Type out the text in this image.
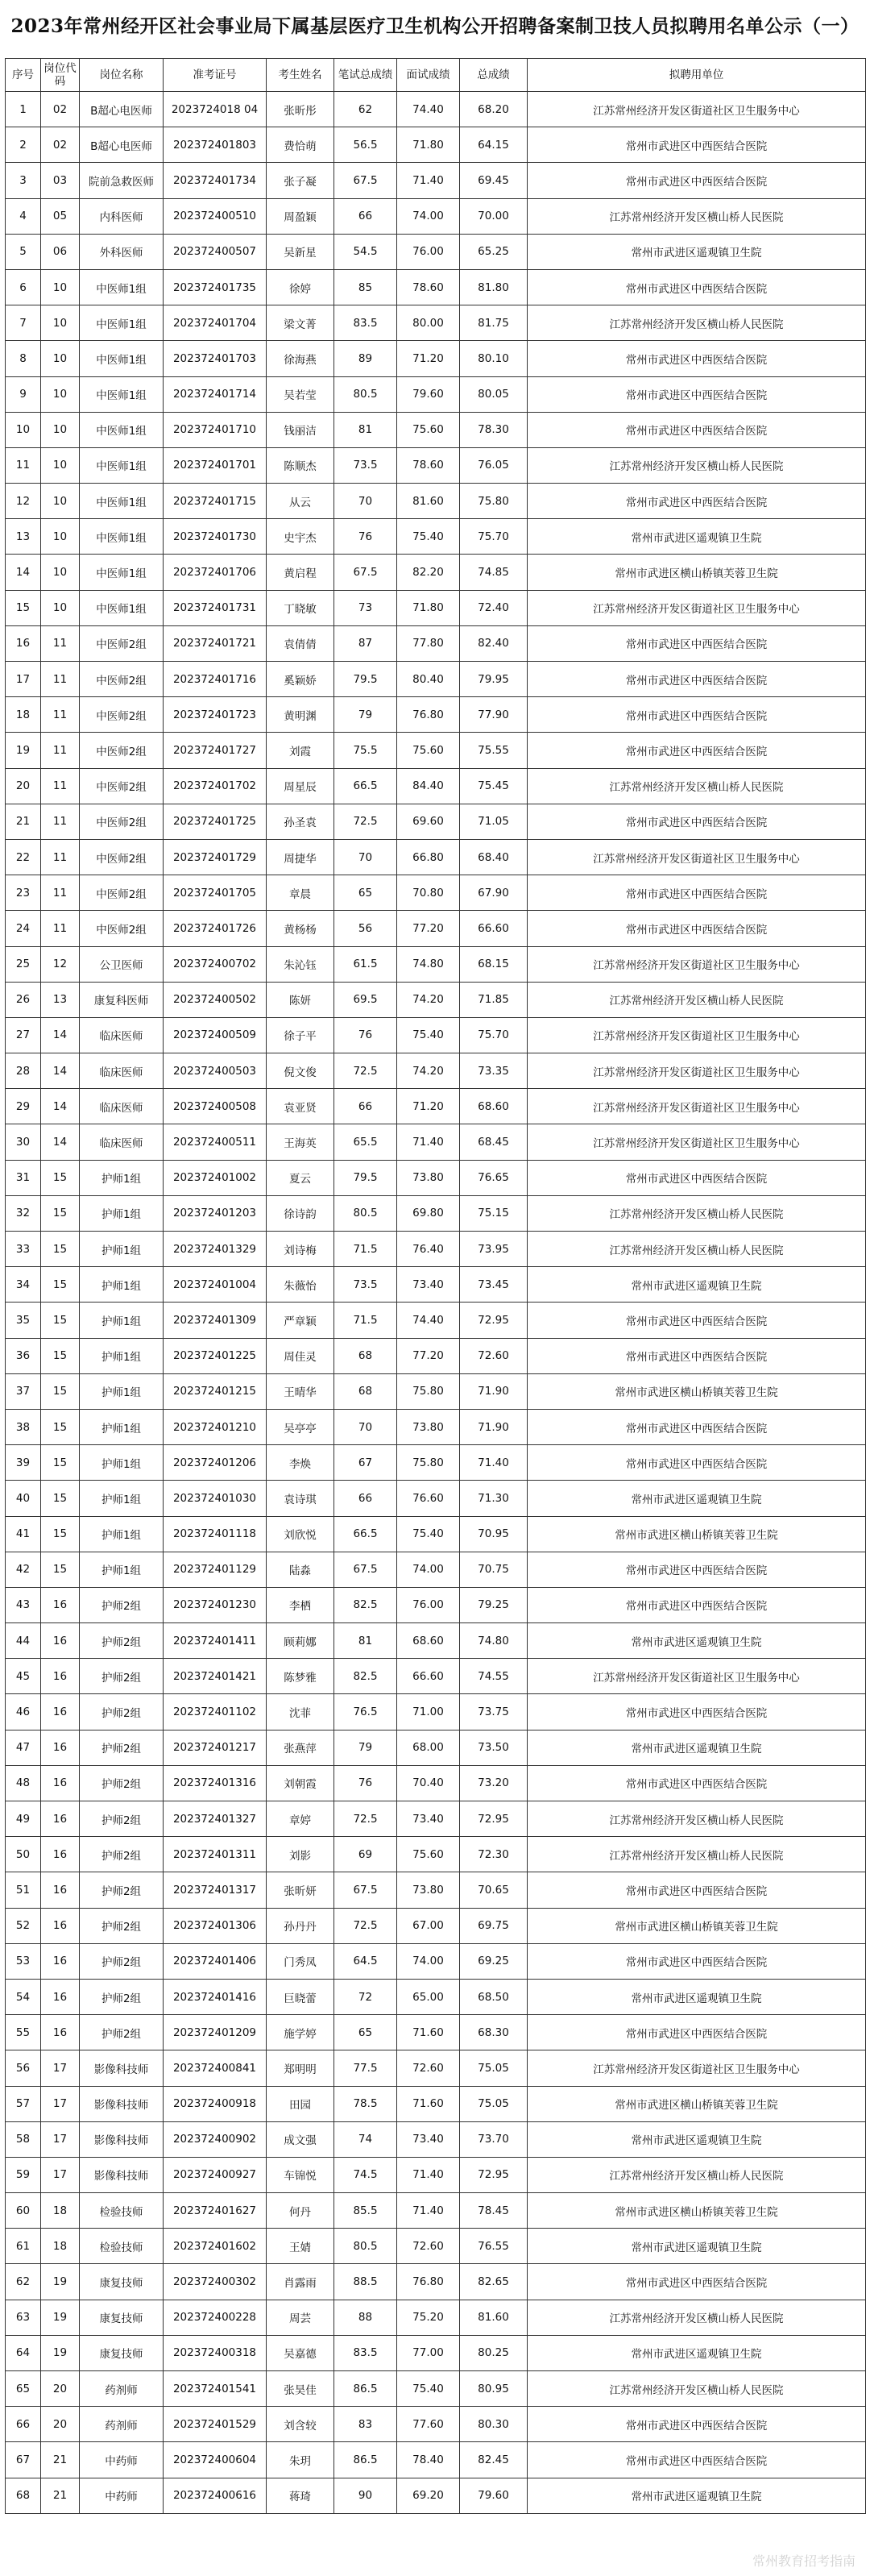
2023年常州经开区社会事业局下属基层医疗卫生机构公开招聘备案制卫技人员拟聘用名单公示（一）
序号	岗位代码	岗位名称	准考证号	考生姓名	笔试总成绩	面试成绩	总成绩	拟聘用单位
1	02	B超心电医师	2023724018 04	张昕彤	62	74.40	68.20	江苏常州经济开发区街道社区卫生服务中心
2	02	B超心电医师	202372401803	费恰萌	56.5	71.80	64.15	常州市武进区中西医结合医院
3	03	院前急救医师	202372401734	张子凝	67.5	71.40	69.45	常州市武进区中西医结合医院
4	05	内科医师	202372400510	周盈颖	66	74.00	70.00	江苏常州经济开发区横山桥人民医院
5	06	外科医师	202372400507	吴新星	54.5	76.00	65.25	常州市武进区遥观镇卫生院
6	10	中医师1组	202372401735	徐婷	85	78.60	81.80	常州市武进区中西医结合医院
7	10	中医师1组	202372401704	梁文菁	83.5	80.00	81.75	江苏常州经济开发区横山桥人民医院
8	10	中医师1组	202372401703	徐海燕	89	71.20	80.10	常州市武进区中西医结合医院
9	10	中医师1组	202372401714	吴若莹	80.5	79.60	80.05	常州市武进区中西医结合医院
10	10	中医师1组	202372401710	钱丽洁	81	75.60	78.30	常州市武进区中西医结合医院
11	10	中医师1组	202372401701	陈顺杰	73.5	78.60	76.05	江苏常州经济开发区横山桥人民医院
12	10	中医师1组	202372401715	从云	70	81.60	75.80	常州市武进区中西医结合医院
13	10	中医师1组	202372401730	史宇杰	76	75.40	75.70	常州市武进区遥观镇卫生院
14	10	中医师1组	202372401706	黄启程	67.5	82.20	74.85	常州市武进区横山桥镇芙蓉卫生院
15	10	中医师1组	202372401731	丁晓敏	73	71.80	72.40	江苏常州经济开发区街道社区卫生服务中心
16	11	中医师2组	202372401721	袁倩倩	87	77.80	82.40	常州市武进区中西医结合医院
17	11	中医师2组	202372401716	奚颖娇	79.5	80.40	79.95	常州市武进区中西医结合医院
18	11	中医师2组	202372401723	黄明渊	79	76.80	77.90	常州市武进区中西医结合医院
19	11	中医师2组	202372401727	刘霞	75.5	75.60	75.55	常州市武进区中西医结合医院
20	11	中医师2组	202372401702	周星辰	66.5	84.40	75.45	江苏常州经济开发区横山桥人民医院
21	11	中医师2组	202372401725	孙圣袁	72.5	69.60	71.05	常州市武进区中西医结合医院
22	11	中医师2组	202372401729	周捷华	70	66.80	68.40	江苏常州经济开发区街道社区卫生服务中心
23	11	中医师2组	202372401705	章晨	65	70.80	67.90	常州市武进区中西医结合医院
24	11	中医师2组	202372401726	黄杨杨	56	77.20	66.60	常州市武进区中西医结合医院
25	12	公卫医师	202372400702	朱沁钰	61.5	74.80	68.15	江苏常州经济开发区街道社区卫生服务中心
26	13	康复科医师	202372400502	陈妍	69.5	74.20	71.85	江苏常州经济开发区横山桥人民医院
27	14	临床医师	202372400509	徐子平	76	75.40	75.70	江苏常州经济开发区街道社区卫生服务中心
28	14	临床医师	202372400503	倪文俊	72.5	74.20	73.35	江苏常州经济开发区街道社区卫生服务中心
29	14	临床医师	202372400508	袁亚贤	66	71.20	68.60	江苏常州经济开发区街道社区卫生服务中心
30	14	临床医师	202372400511	王海英	65.5	71.40	68.45	江苏常州经济开发区街道社区卫生服务中心
31	15	护师1组	202372401002	夏云	79.5	73.80	76.65	常州市武进区中西医结合医院
32	15	护师1组	202372401203	徐诗韵	80.5	69.80	75.15	江苏常州经济开发区横山桥人民医院
33	15	护师1组	202372401329	刘诗梅	71.5	76.40	73.95	江苏常州经济开发区横山桥人民医院
34	15	护师1组	202372401004	朱薇怡	73.5	73.40	73.45	常州市武进区遥观镇卫生院
35	15	护师1组	202372401309	严章颖	71.5	74.40	72.95	常州市武进区中西医结合医院
36	15	护师1组	202372401225	周佳灵	68	77.20	72.60	常州市武进区中西医结合医院
37	15	护师1组	202372401215	王晴华	68	75.80	71.90	常州市武进区横山桥镇芙蓉卫生院
38	15	护师1组	202372401210	吴亭亭	70	73.80	71.90	常州市武进区中西医结合医院
39	15	护师1组	202372401206	李焕	67	75.80	71.40	常州市武进区中西医结合医院
40	15	护师1组	202372401030	袁诗琪	66	76.60	71.30	常州市武进区遥观镇卫生院
41	15	护师1组	202372401118	刘欣悦	66.5	75.40	70.95	常州市武进区横山桥镇芙蓉卫生院
42	15	护师1组	202372401129	陆淼	67.5	74.00	70.75	常州市武进区中西医结合医院
43	16	护师2组	202372401230	李栖	82.5	76.00	79.25	常州市武进区中西医结合医院
44	16	护师2组	202372401411	顾莉娜	81	68.60	74.80	常州市武进区遥观镇卫生院
45	16	护师2组	202372401421	陈梦雅	82.5	66.60	74.55	江苏常州经济开发区街道社区卫生服务中心
46	16	护师2组	202372401102	沈菲	76.5	71.00	73.75	常州市武进区中西医结合医院
47	16	护师2组	202372401217	张燕萍	79	68.00	73.50	常州市武进区遥观镇卫生院
48	16	护师2组	202372401316	刘朝霞	76	70.40	73.20	常州市武进区中西医结合医院
49	16	护师2组	202372401327	章婷	72.5	73.40	72.95	江苏常州经济开发区横山桥人民医院
50	16	护师2组	202372401311	刘影	69	75.60	72.30	江苏常州经济开发区横山桥人民医院
51	16	护师2组	202372401317	张昕妍	67.5	73.80	70.65	常州市武进区中西医结合医院
52	16	护师2组	202372401306	孙丹丹	72.5	67.00	69.75	常州市武进区横山桥镇芙蓉卫生院
53	16	护师2组	202372401406	门秀凤	64.5	74.00	69.25	常州市武进区中西医结合医院
54	16	护师2组	202372401416	巨晓蕾	72	65.00	68.50	常州市武进区遥观镇卫生院
55	16	护师2组	202372401209	施学婷	65	71.60	68.30	常州市武进区中西医结合医院
56	17	影像科技师	202372400841	郑明明	77.5	72.60	75.05	江苏常州经济开发区街道社区卫生服务中心
57	17	影像科技师	202372400918	田园	78.5	71.60	75.05	常州市武进区横山桥镇芙蓉卫生院
58	17	影像科技师	202372400902	成文强	74	73.40	73.70	常州市武进区遥观镇卫生院
59	17	影像科技师	202372400927	车锦悦	74.5	71.40	72.95	江苏常州经济开发区横山桥人民医院
60	18	检验技师	202372401627	何丹	85.5	71.40	78.45	常州市武进区横山桥镇芙蓉卫生院
61	18	检验技师	202372401602	王婧	80.5	72.60	76.55	常州市武进区遥观镇卫生院
62	19	康复技师	202372400302	肖露雨	88.5	76.80	82.65	常州市武进区中西医结合医院
63	19	康复技师	202372400228	周芸	88	75.20	81.60	江苏常州经济开发区横山桥人民医院
64	19	康复技师	202372400318	吴嘉德	83.5	77.00	80.25	常州市武进区遥观镇卫生院
65	20	药剂师	202372401541	张昊佳	86.5	75.40	80.95	江苏常州经济开发区横山桥人民医院
66	20	药剂师	202372401529	刘含较	83	77.60	80.30	常州市武进区中西医结合医院
67	21	中药师	202372400604	朱玥	86.5	78.40	82.45	常州市武进区中西医结合医院
68	21	中药师	202372400616	蒋琦	90	69.20	79.60	常州市武进区遥观镇卫生院
常州教育招考指南
